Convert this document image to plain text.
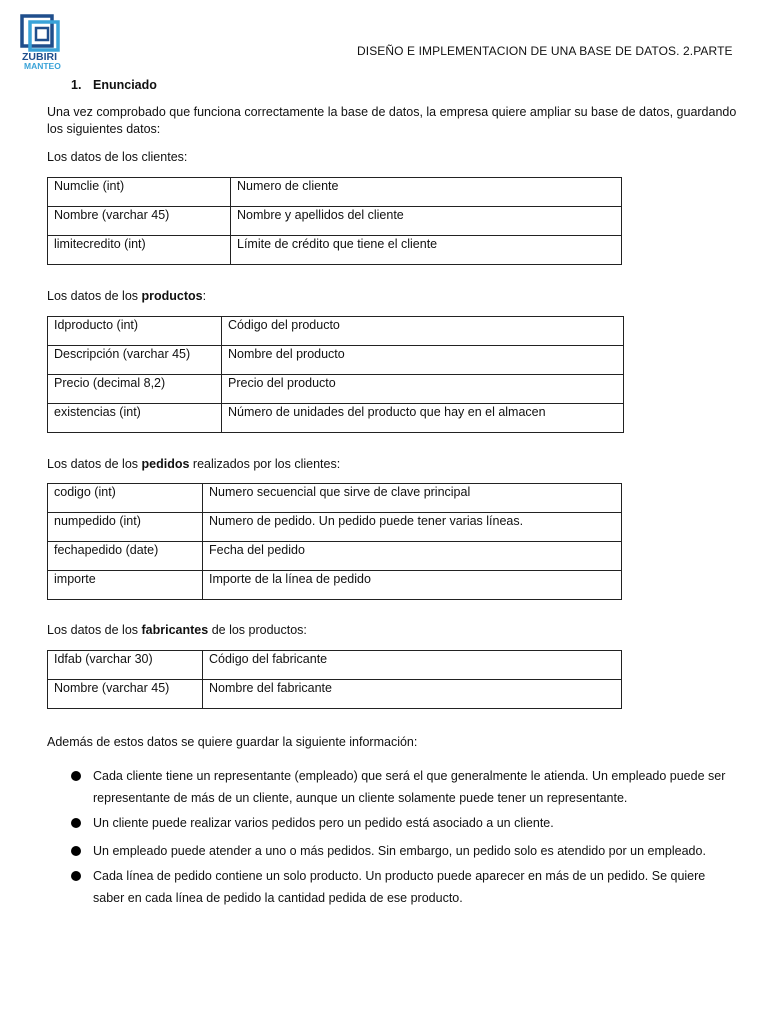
ZUBIRI
MANTEO
DISEÑO E IMPLEMENTACION DE UNA BASE DE DATOS. 2.PARTE
1. Enunciado
Una vez comprobado que funciona correctamente la base de datos, la empresa quiere ampliar su base de datos, guardando los siguientes datos:
Los datos de los clientes:
Numclie (int)	Numero de cliente
Nombre (varchar 45)	Nombre y apellidos del cliente
limitecredito (int)	Límite de crédito que tiene el cliente
Los datos de los productos:
Idproducto (int)	Código del producto
Descripción (varchar 45)	Nombre del producto
Precio (decimal 8,2)	Precio del producto
existencias (int)	Número de unidades del producto que hay en el almacen
Los datos de los pedidos realizados por los clientes:
codigo (int)	Numero secuencial que sirve de clave principal
numpedido (int)	Numero de pedido. Un pedido puede tener varias líneas.
fechapedido (date)	Fecha del pedido
importe	Importe de la línea de pedido
Los datos de los fabricantes de los productos:
Idfab (varchar 30)	Código del fabricante
Nombre (varchar 45)	Nombre del fabricante
Además de estos datos se quiere guardar la siguiente información:
Cada cliente tiene un representante (empleado) que será el que generalmente le atienda. Un empleado puede ser representante de más de un cliente, aunque un cliente solamente puede tener un representante.
Un cliente puede realizar varios pedidos pero un pedido está asociado a un cliente.
Un empleado puede atender a uno o más pedidos. Sin embargo, un pedido solo es atendido por un empleado.
Cada línea de pedido contiene un solo producto. Un producto puede aparecer en más de un pedido. Se quiere saber en cada línea de pedido la cantidad pedida de ese producto.
